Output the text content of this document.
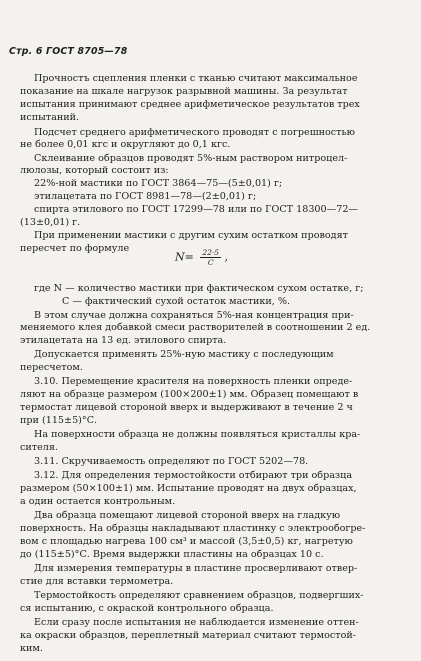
Стр. 6 ГОСТ 8705—78
Прочностъ сцепления пленки с тканью считают максимальное
показание на шкале нагрузок разрывной машины. За результат
испытания принимают среднее арифметическое результатов трех
испытаний.
Подсчет среднего арифметического проводят с погрешностью
не более 0,01 кгс и округляют до 0,1 кгс.
Склеивание образцов проводят 5%-ным раствором нитроцел-
люлозы, который состоит из:
22%-ной мастики по ГОСТ 3864—75—(5±0,01) г;
этилацетата по ГОСТ 8981—78—(2±0,01) г;
спирта этилового по ГОСТ 17299—78 или по ГОСТ 18300—72—
(13±0,01) г.
При применении мастики с другим сухим остатком проводят
пересчет по формуле
где N — количество мастики при фактическом сухом остатке, г;
C — фактический сухой остаток мастики, %.
В этом случае должна сохраняться 5%-ная концентрация при-
меняемого клея добавкой смеси растворителей в соотношении 2 ед.
этилацетата на 13 ед. этилового спирта.
Допускается применять 25%-ную мастику с последующим
пересчетом.
3.10. Перемещение красителя на поверхность пленки опреде-
ляют на образце размером (100×200±1) мм. Образец помещают в
термостат лицевой стороной вверх и выдерживают в течение 2 ч
при (115±5)°С.
На поверхности образца не должны появляться кристаллы кра-
сителя.
3.11. Скручиваемость определяют по ГОСТ 5202—78.
3.12. Для определения термостойкости отбирают три образца
размером (50×100±1) мм. Испытание проводят на двух образцах,
а один остается контрольным.
Два образца помещают лицевой стороной вверх на гладкую
поверхность. На образцы накладывают пластинку с электрообогре-
вом с площадью нагрева 100 см³ и массой (3,5±0,5) кг, нагретую
до (115±5)°С. Время выдержки пластины на образцах 10 с.
Для измерения температуры в пластине просверливают отвер-
стие для вставки термометра.
Термостойкость определяют сравнением образцов, подвергших-
ся испытанию, с окраской контрольного образца.
Если сразу после испытания не наблюдается изменение оттен-
ка окраски образцов, переплетный материал считают термостой-
ким.
$N= \frac{22\cdot 5}{C}$ ,
